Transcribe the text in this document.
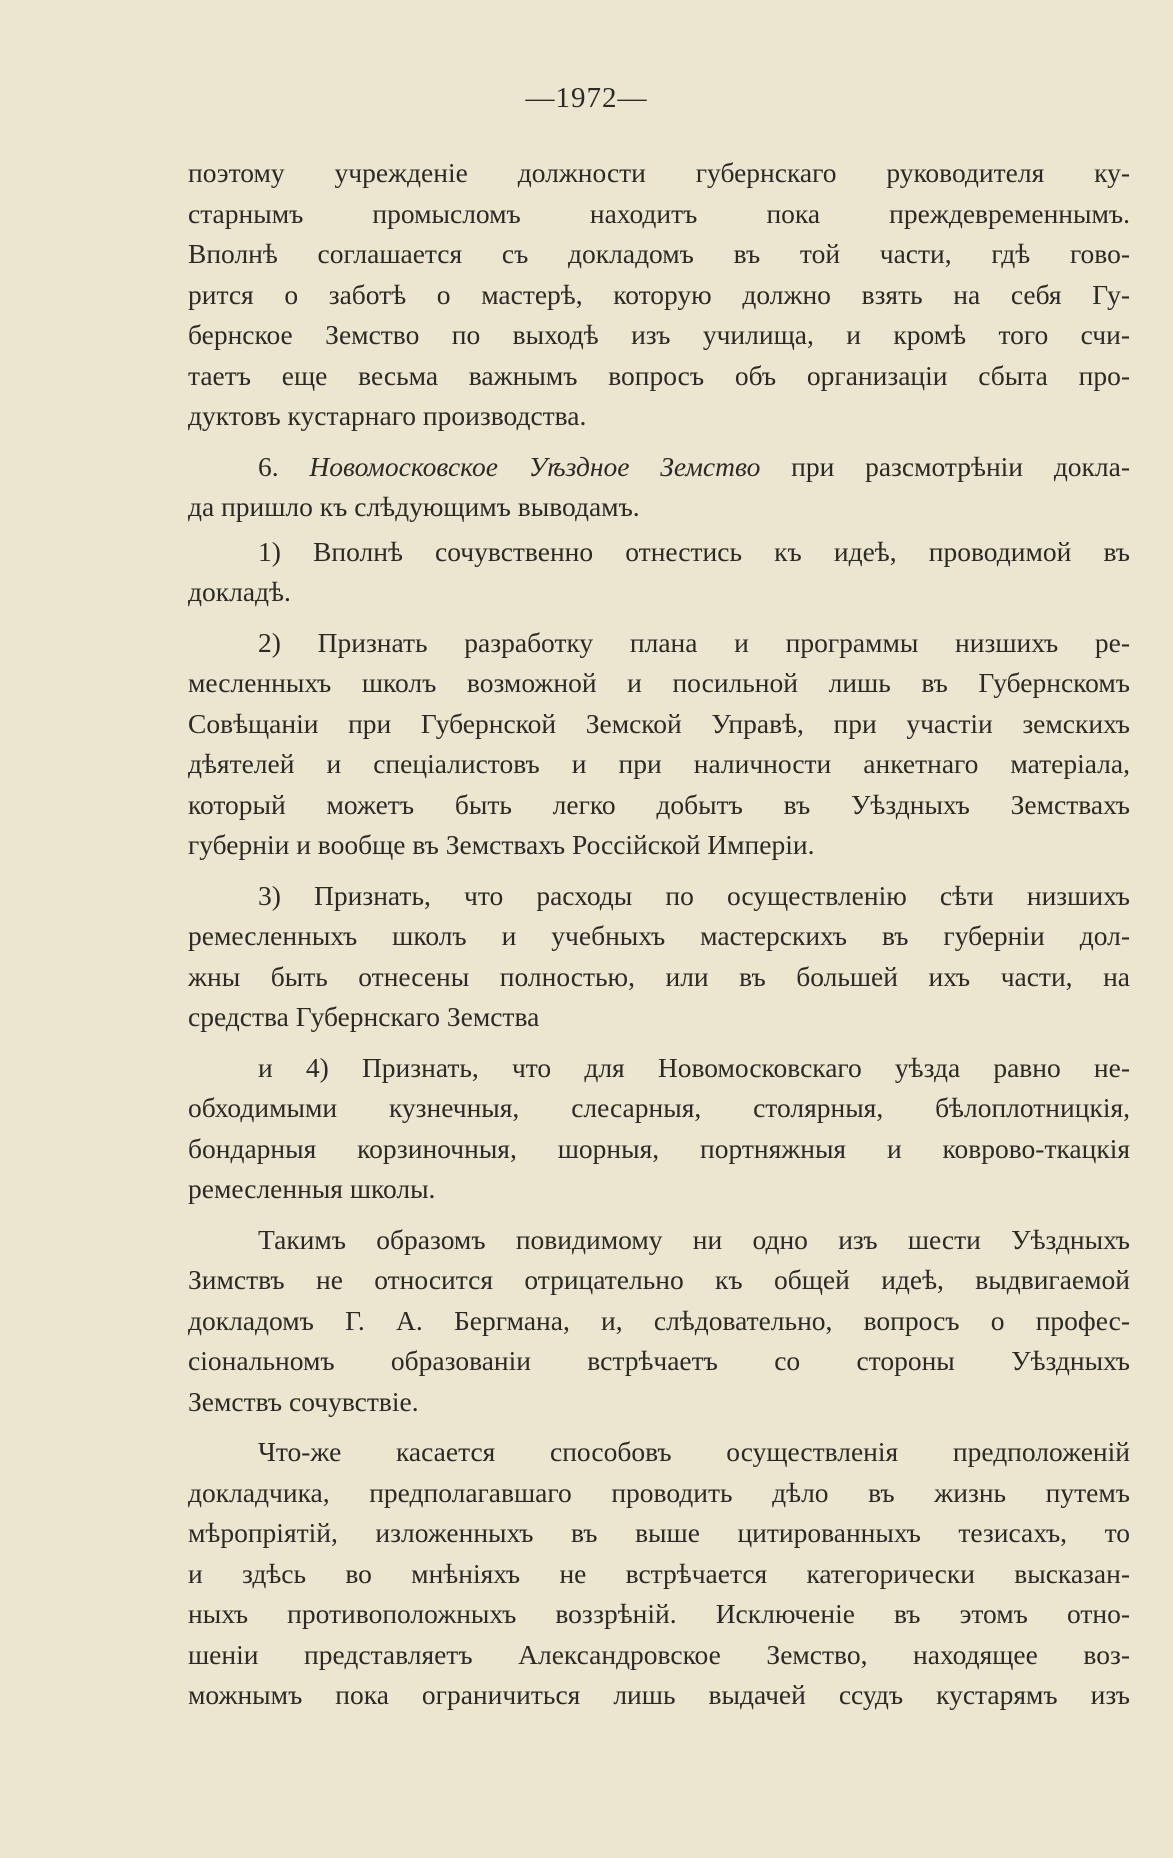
—1972—
поэтому учрежденіе должности губернскаго руководителя ку-
старнымъ промысломъ находитъ пока преждевременнымъ.
Вполнѣ соглашается съ докладомъ въ той части, гдѣ гово-
рится о заботѣ о мастерѣ, которую должно взять на себя Гу-
бернское Земство по выходѣ изъ училища, и кромѣ того счи-
таетъ еще весьма важнымъ вопросъ объ организаціи сбыта про-
дуктовъ кустарнаго производства.
6. Новомосковское Уѣздное Земство при разсмотрѣніи докла-
да пришло къ слѣдующимъ выводамъ.
1) Вполнѣ сочувственно отнестись къ идеѣ, проводимой въ
докладѣ.
2) Признать разработку плана и программы низшихъ ре-
месленныхъ школъ возможной и посильной лишь въ Губернскомъ
Совѣщаніи при Губернской Земской Управѣ, при участіи земскихъ
дѣятелей и спеціалистовъ и при наличности анкетнаго матеріала,
который можетъ быть легко добытъ въ Уѣздныхъ Земствахъ
губерніи и вообще въ Земствахъ Россійской Имперіи.
3) Признать, что расходы по осуществленію сѣти низшихъ
ремесленныхъ школъ и учебныхъ мастерскихъ въ губерніи дол-
жны быть отнесены полностью, или въ большей ихъ части, на
средства Губернскаго Земства
и 4) Признать, что для Новомосковскаго уѣзда равно не-
обходимыми кузнечныя, слесарныя, столярныя, бѣлоплотницкія,
бондарныя корзиночныя, шорныя, портняжныя и коврово-ткацкія
ремесленныя школы.
Такимъ образомъ повидимому ни одно изъ шести Уѣздныхъ
Зимствъ не относится отрицательно къ общей идеѣ, выдвигаемой
докладомъ Г. А. Бергмана, и, слѣдовательно, вопросъ о профес-
сіональномъ образованіи встрѣчаетъ со стороны Уѣздныхъ
Земствъ сочувствіе.
Что-же касается способовъ осуществленія предположеній
докладчика, предполагавшаго проводить дѣло въ жизнь путемъ
мѣропріятій, изложенныхъ въ выше цитированныхъ тезисахъ, то
и здѣсь во мнѣніяхъ не встрѣчается категорически высказан-
ныхъ противоположныхъ воззрѣній. Исключеніе въ этомъ отно-
шеніи представляетъ Александровское Земство, находящее воз-
можнымъ пока ограничиться лишь выдачей ссудъ кустарямъ изъ
